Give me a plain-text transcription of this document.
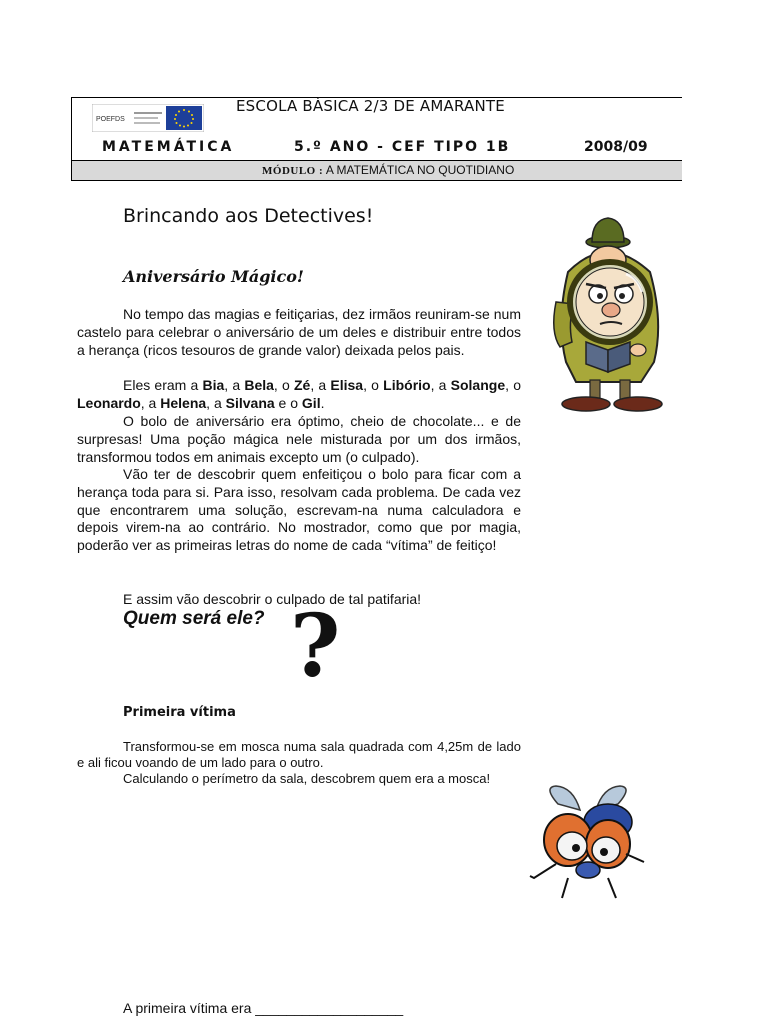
POEFDS
ESCOLA BÁSICA 2/3 DE AMARANTE
MATEMÁTICA	5.º ANO - CEF TIPO 1B	2008/09
MÓDULO : A MATEMÁTICA NO QUOTIDIANO
Brincando aos Detectives!
Aniversário Mágico!

No tempo das magias e feitiçarias, dez irmãos reuniram-se num castelo para celebrar o aniversário de um deles e distribuir entre todos a herança (ricos tesouros de grande valor) deixada pelos pais.

Eles eram a Bia, a Bela, o Zé, a Elisa, o Libório, a Solange, o Leonardo, a Helena, a Silvana e o Gil.

O bolo de aniversário era óptimo, cheio de chocolate... e de surpresas! Uma poção mágica nele misturada por um dos irmãos, transformou todos em animais excepto um (o culpado).

Vão ter de descobrir quem enfeitiçou o bolo para ficar com a herança toda para si. Para isso, resolvam cada problema. De cada vez que encontrarem uma solução, escrevam-na numa calculadora e depois virem-na ao contrário. No mostrador, como que por magia, poderão ver as primeiras letras do nome de cada “vítima” de feitiço!

E assim vão descobrir o culpado de tal patifaria!

Quem será ele? ?
Primeira vítima

Transformou-se em mosca numa sala quadrada com 4,25m de lado e ali ficou voando de um lado para o outro.

Calculando o perímetro da sala, descobrem quem era a mosca!

A primeira vítima era ___________________
